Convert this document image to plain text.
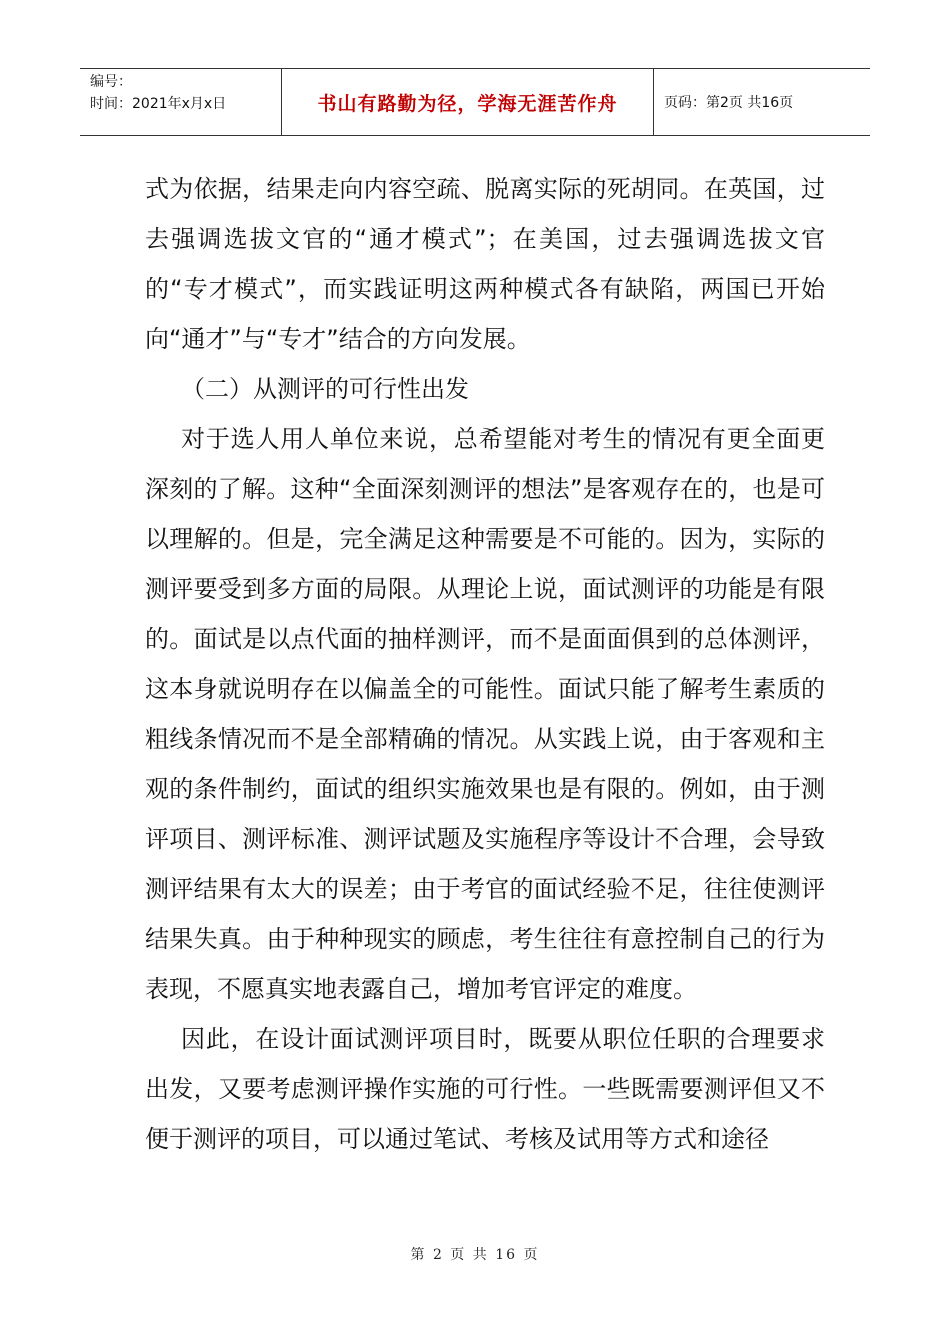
编号：
时间：2021年x月x日	书山有路勤为径，学海无涯苦作舟	页码：第2页 共16页

式为依据，结果走向内容空疏、脱离实际的死胡同。在英国，过去强调选拔文官的“通才模式”；在美国，过去强调选拔文官的“专才模式”，而实践证明这两种模式各有缺陷，两国已开始向“通才”与“专才”结合的方向发展。

（二）从测评的可行性出发

对于选人用人单位来说，总希望能对考生的情况有更全面更深刻的了解。这种“全面深刻测评的想法”是客观存在的，也是可以理解的。但是，完全满足这种需要是不可能的。因为，实际的测评要受到多方面的局限。从理论上说，面试测评的功能是有限的。面试是以点代面的抽样测评，而不是面面俱到的总体测评，这本身就说明存在以偏盖全的可能性。面试只能了解考生素质的粗线条情况而不是全部精确的情况。从实践上说，由于客观和主观的条件制约，面试的组织实施效果也是有限的。例如，由于测评项目、测评标准、测评试题及实施程序等设计不合理，会导致测评结果有太大的误差；由于考官的面试经验不足，往往使测评结果失真。由于种种现实的顾虑，考生往往有意控制自己的行为表现，不愿真实地表露自己，增加考官评定的难度。

因此，在设计面试测评项目时，既要从职位任职的合理要求出发，又要考虑测评操作实施的可行性。一些既需要测评但又不便于测评的项目，可以通过笔试、考核及试用等方式和途径

第 2 页 共 16 页
